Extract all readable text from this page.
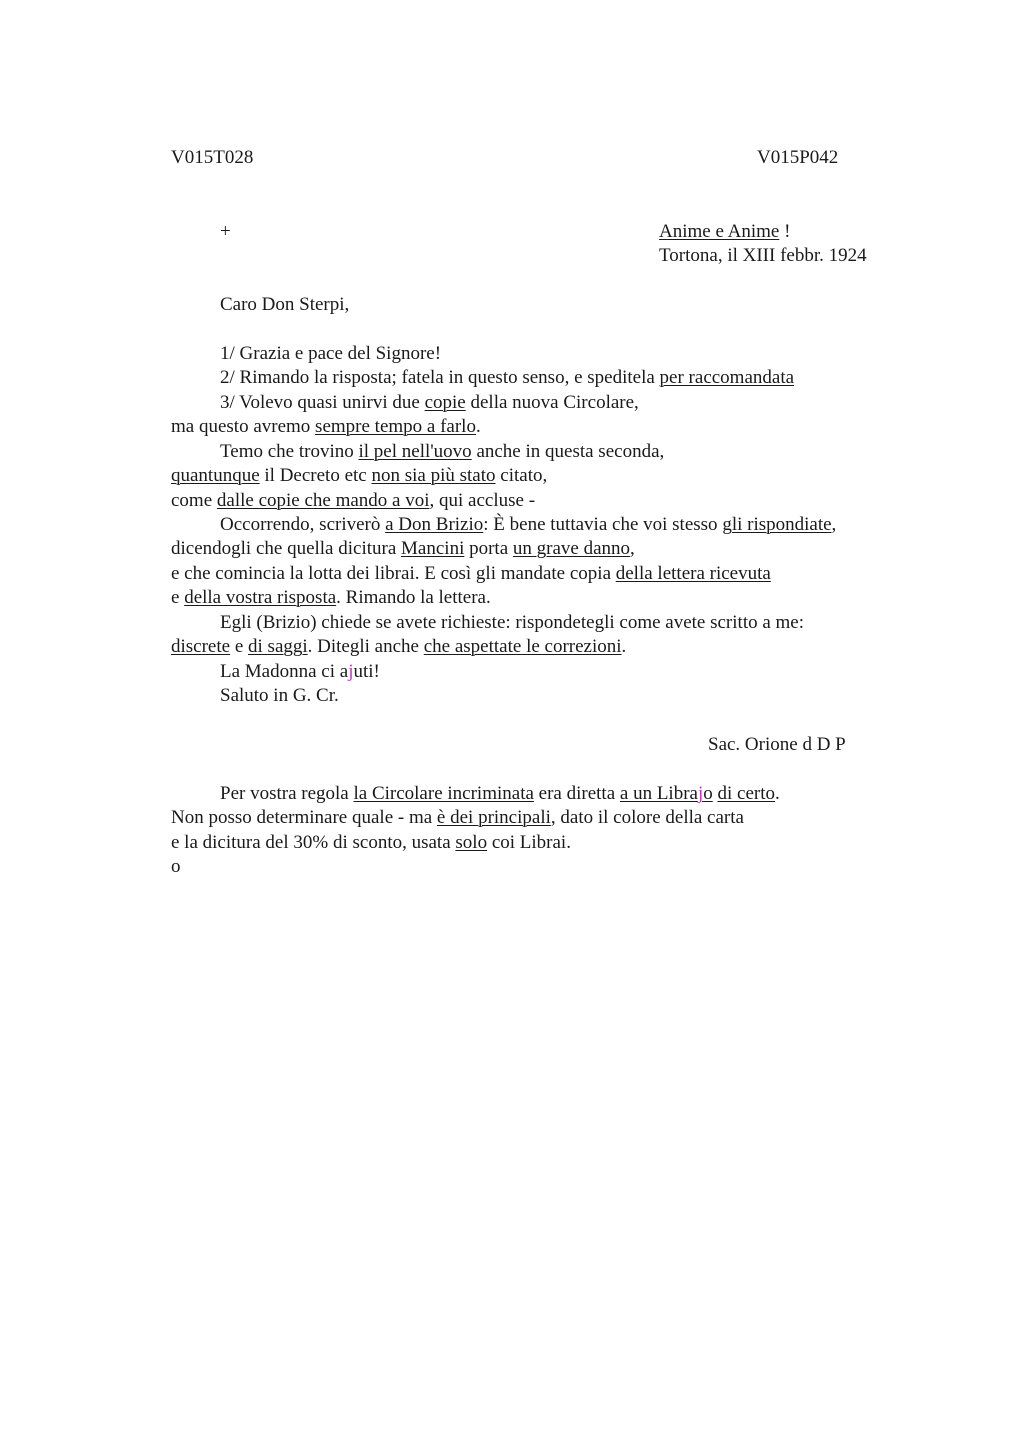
V015T028	V015P042
+	Anime e Anime !
Tortona, il XIII febbr. 1924
Caro Don Sterpi,
1/ Grazia e pace del Signore!
2/ Rimando la risposta; fatela in questo senso, e speditela per raccomandata
3/ Volevo quasi unirvi due copie della nuova Circolare,
ma questo avremo sempre tempo a farlo.
Temo che trovino il pel nell'uovo anche in questa seconda,
quantunque il Decreto etc non sia più stato citato,
come dalle copie che mando a voi, qui accluse -
Occorrendo, scriverò a Don Brizio: È bene tuttavia che voi stesso gli rispondiate,
dicendogli che quella dicitura Mancini porta un grave danno,
e che comincia la lotta dei librai. E così gli mandate copia della lettera ricevuta
e della vostra risposta. Rimando la lettera.
Egli (Brizio) chiede se avete richieste: rispondetegli come avete scritto a me:
discrete e di saggi. Ditegli anche che aspettate le correzioni.
La Madonna ci ajuti!
Saluto in G. Cr.
Sac. Orione d D P
Per vostra regola la Circolare incriminata era diretta a un Librajo di certo.
Non posso determinare quale - ma è dei principali, dato il colore della carta
e la dicitura del 30% di sconto, usata solo coi Librai.
o
